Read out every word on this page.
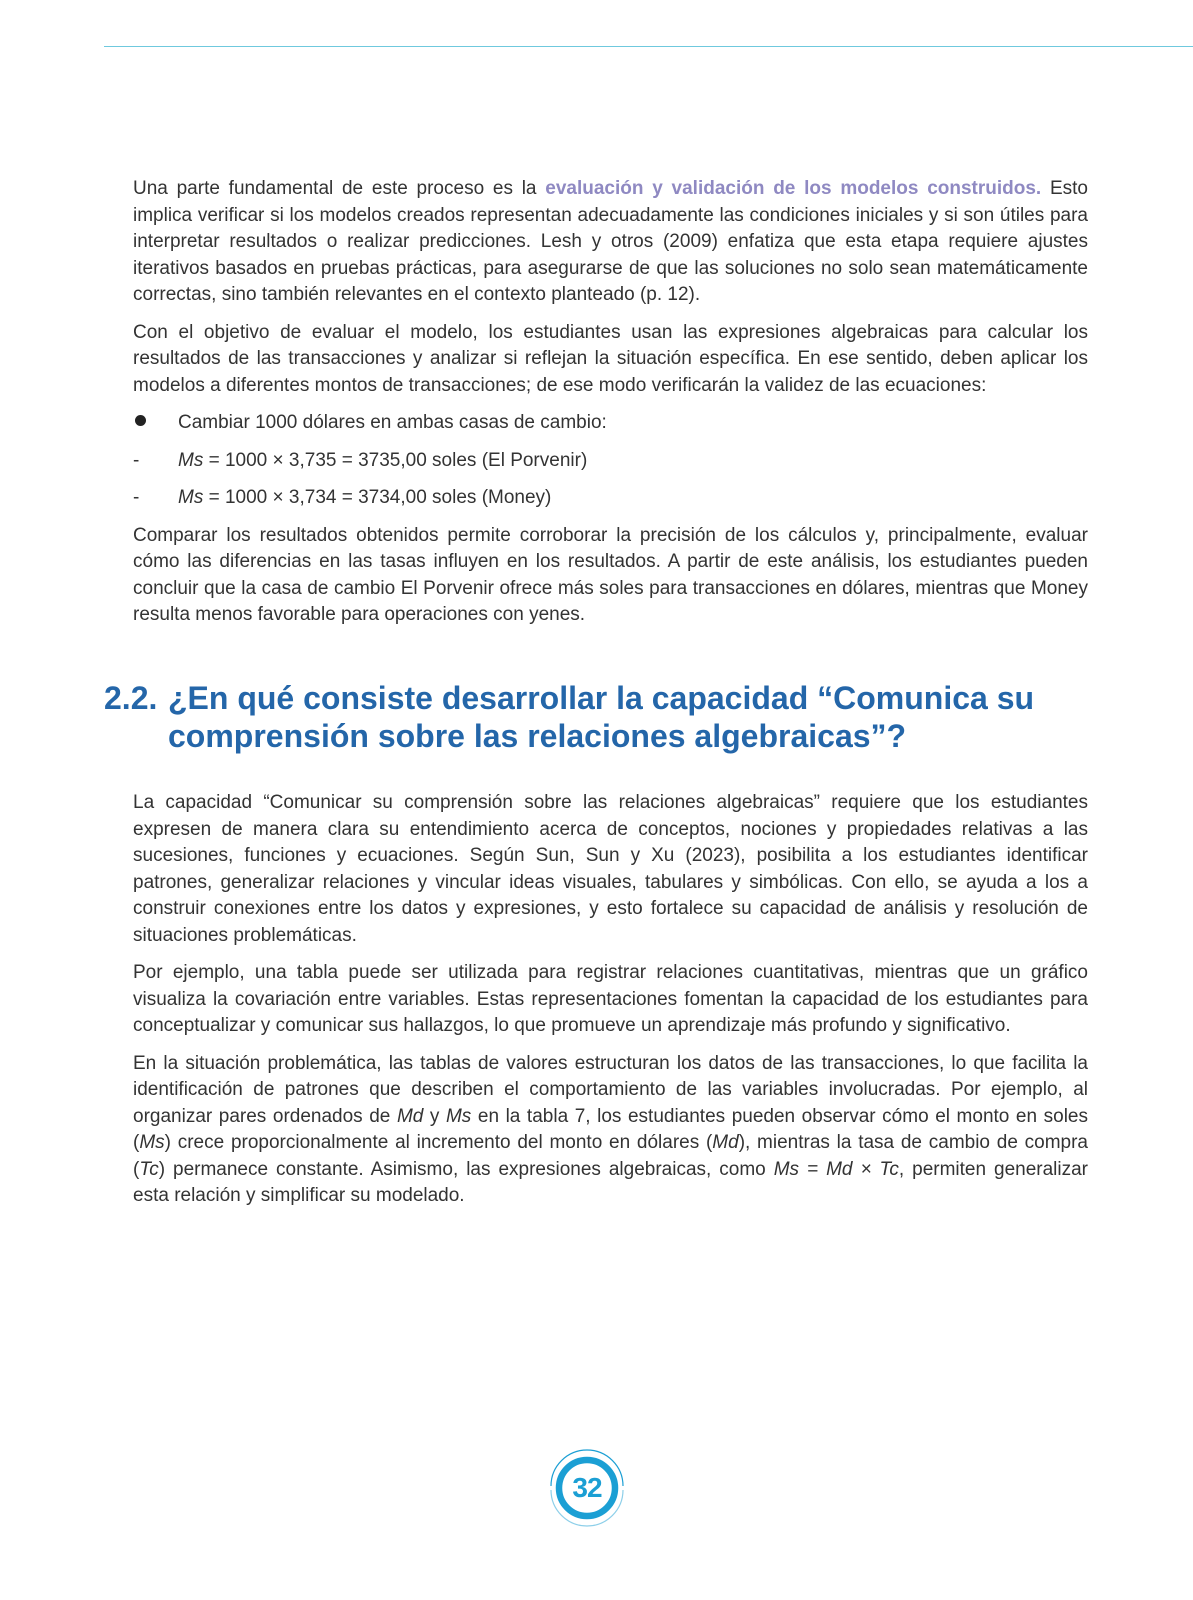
Una parte fundamental de este proceso es la evaluación y validación de los modelos construidos. Esto implica verificar si los modelos creados representan adecuadamente las condiciones iniciales y si son útiles para interpretar resultados o realizar predicciones. Lesh y otros (2009) enfatiza que esta etapa requiere ajustes iterativos basados en pruebas prácticas, para asegurarse de que las soluciones no solo sean matemáticamente correctas, sino también relevantes en el contexto planteado (p. 12).

Con el objetivo de evaluar el modelo, los estudiantes usan las expresiones algebraicas para calcular los resultados de las transacciones y analizar si reflejan la situación específica. En ese sentido, deben aplicar los modelos a diferentes montos de transacciones; de ese modo verificarán la validez de las ecuaciones:

Cambiar 1000 dólares en ambas casas de cambio:
- Ms = 1000 × 3,735 = 3735,00 soles (El Porvenir)
- Ms = 1000 × 3,734 = 3734,00 soles (Money)

Comparar los resultados obtenidos permite corroborar la precisión de los cálculos y, principalmente, evaluar cómo las diferencias en las tasas influyen en los resultados. A partir de este análisis, los estudiantes pueden concluir que la casa de cambio El Porvenir ofrece más soles para transacciones en dólares, mientras que Money resulta menos favorable para operaciones con yenes.

2.2. ¿En qué consiste desarrollar la capacidad “Comunica su comprensión sobre las relaciones algebraicas”?

La capacidad “Comunicar su comprensión sobre las relaciones algebraicas” requiere que los estudiantes expresen de manera clara su entendimiento acerca de conceptos, nociones y propiedades relativas a las sucesiones, funciones y ecuaciones. Según Sun, Sun y Xu (2023), posibilita a los estudiantes identificar patrones, generalizar relaciones y vincular ideas visuales, tabulares y simbólicas. Con ello, se ayuda a los a construir conexiones entre los datos y expresiones, y esto fortalece su capacidad de análisis y resolución de situaciones problemáticas.

Por ejemplo, una tabla puede ser utilizada para registrar relaciones cuantitativas, mientras que un gráfico visualiza la covariación entre variables. Estas representaciones fomentan la capacidad de los estudiantes para conceptualizar y comunicar sus hallazgos, lo que promueve un aprendizaje más profundo y significativo.

En la situación problemática, las tablas de valores estructuran los datos de las transacciones, lo que facilita la identificación de patrones que describen el comportamiento de las variables involucradas. Por ejemplo, al organizar pares ordenados de Md y Ms en la tabla 7, los estudiantes pueden observar cómo el monto en soles (Ms) crece proporcionalmente al incremento del monto en dólares (Md), mientras la tasa de cambio de compra (Tc) permanece constante. Asimismo, las expresiones algebraicas, como Ms = Md × Tc, permiten generalizar esta relación y simplificar su modelado.

32
